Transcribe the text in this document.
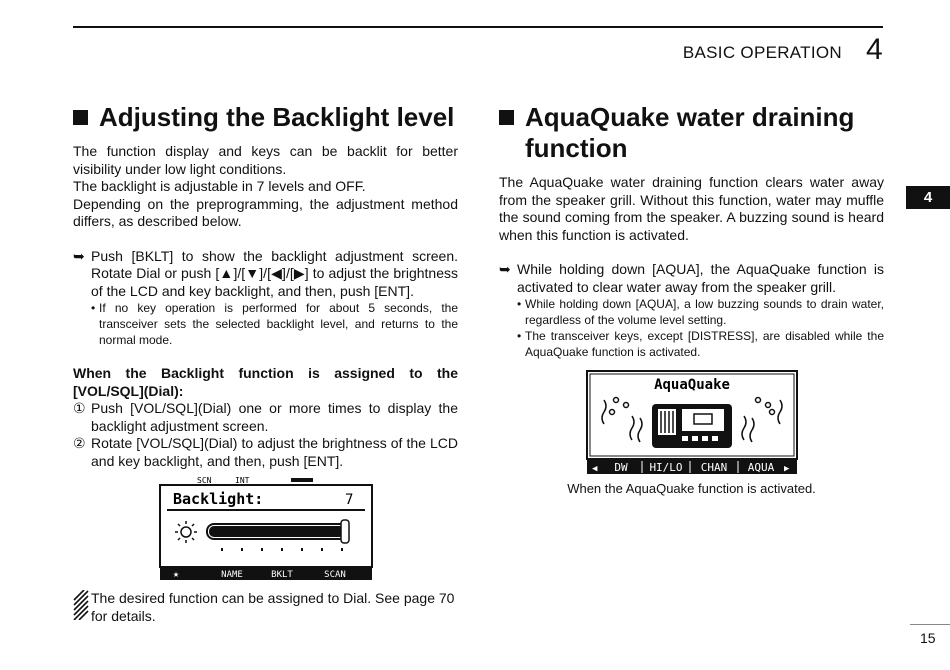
BASIC OPERATION 4
4
15
Adjusting the Backlight level

The function display and keys can be backlit for better visibility under low light conditions.

The backlight is adjustable in 7 levels and OFF.

Depending on the preprogramming, the adjustment method differs, as described below.

➥ Push [BKLT] to show the backlight adjustment screen. Rotate Dial or push [▲]/[▼]/[◀]/[▶] to adjust the brightness of the LCD and key backlight, and then, push [ENT].
• If no key operation is performed for about 5 seconds, the transceiver sets the selected backlight level, and returns to the normal mode.

When the Backlight function is assigned to the [VOL/SQL](Dial):

① Push [VOL/SQL](Dial) one or more times to display the backlight adjustment screen.
② Rotate [VOL/SQL](Dial) to adjust the brightness of the LCD and key backlight, and then, push [ENT].
SCN	INT
Backlight:	7
★	NAME	BKLT	SCAN
The desired function can be assigned to Dial. See page 70 for details.
AquaQuake water draining
function

The AquaQuake water draining function clears water away from the speaker grill. Without this function, water may muffle the sound coming from the speaker. A buzzing sound is heard when this function is activated.

➥ While holding down [AQUA], the AquaQuake function is activated to clear water away from the speaker grill.
• While holding down [AQUA], a low buzzing sounds to drain water, regardless of the volume level setting.
• The transceiver keys, except [DISTRESS], are disabled while the AquaQuake function is activated.
AquaQuake
◀	▶
DW HI/LO CHAN AQUA
When the AquaQuake function is activated.
